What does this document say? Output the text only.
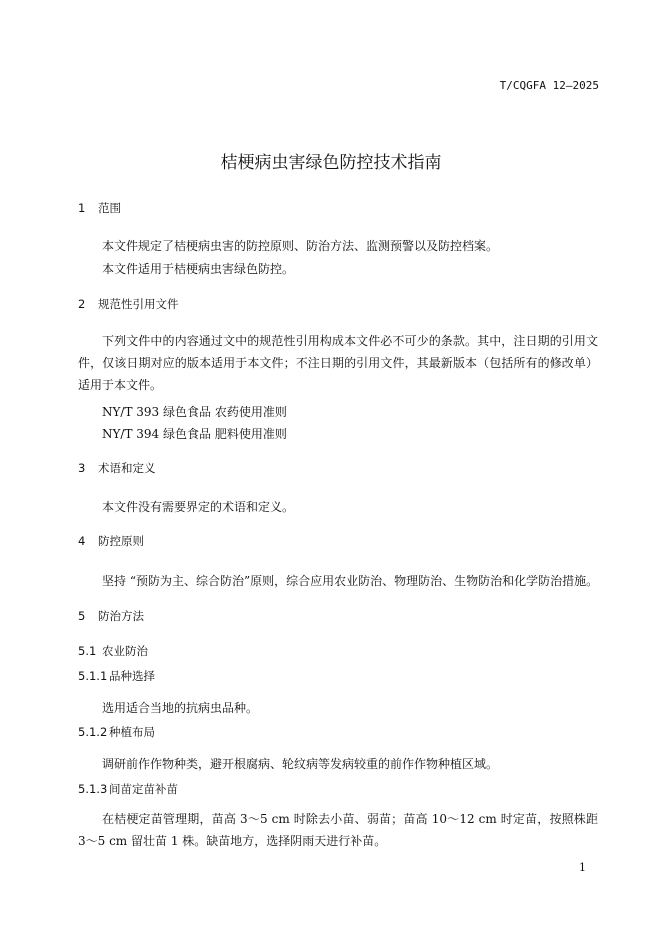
T/CQGFA 12—2025
桔梗病虫害绿色防控技术指南
1 范围
本文件规定了桔梗病虫害的防控原则、防治方法、监测预警以及防控档案。
本文件适用于桔梗病虫害绿色防控。
2 规范性引用文件
下列文件中的内容通过文中的规范性引用构成本文件必不可少的条款。其中，注日期的引用文件，仅该日期对应的版本适用于本文件；不注日期的引用文件，其最新版本（包括所有的修改单）适用于本文件。
NY/T 393 绿色食品 农药使用准则
NY/T 394 绿色食品 肥料使用准则
3 术语和定义
本文件没有需要界定的术语和定义。
4 防控原则
坚持 “预防为主、综合防治”原则，综合应用农业防治、物理防治、生物防治和化学防治措施。
5 防治方法
5.1 农业防治
5.1.1 品种选择
选用适合当地的抗病虫品种。
5.1.2 种植布局
调研前作作物种类，避开根腐病、轮纹病等发病较重的前作作物种植区域。
5.1.3 间苗定苗补苗
在桔梗定苗管理期，苗高 3～5 cm 时除去小苗、弱苗；苗高 10～12 cm 时定苗，按照株距 3～5 cm 留壮苗 1 株。缺苗地方，选择阴雨天进行补苗。
1
